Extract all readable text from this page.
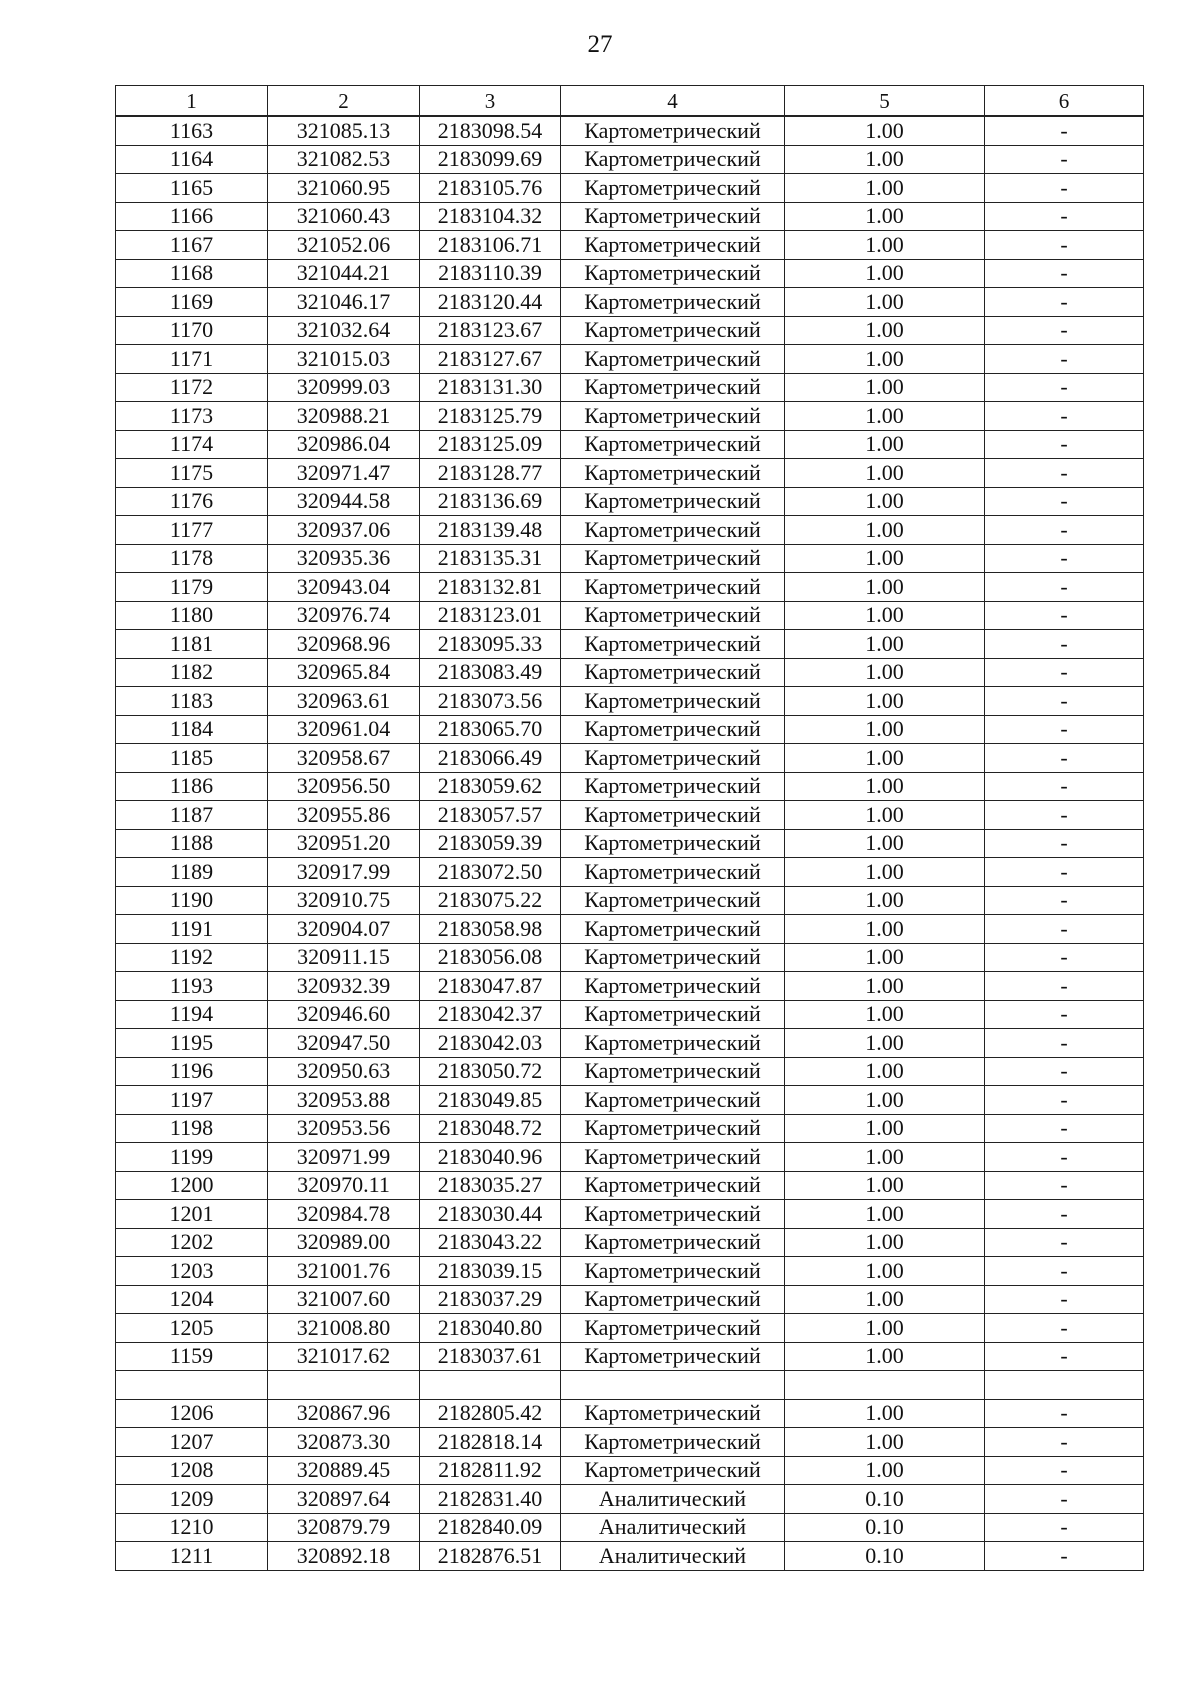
27
1	2	3	4	5	6
1163	321085.13	2183098.54	Картометрический	1.00	-
1164	321082.53	2183099.69	Картометрический	1.00	-
1165	321060.95	2183105.76	Картометрический	1.00	-
1166	321060.43	2183104.32	Картометрический	1.00	-
1167	321052.06	2183106.71	Картометрический	1.00	-
1168	321044.21	2183110.39	Картометрический	1.00	-
1169	321046.17	2183120.44	Картометрический	1.00	-
1170	321032.64	2183123.67	Картометрический	1.00	-
1171	321015.03	2183127.67	Картометрический	1.00	-
1172	320999.03	2183131.30	Картометрический	1.00	-
1173	320988.21	2183125.79	Картометрический	1.00	-
1174	320986.04	2183125.09	Картометрический	1.00	-
1175	320971.47	2183128.77	Картометрический	1.00	-
1176	320944.58	2183136.69	Картометрический	1.00	-
1177	320937.06	2183139.48	Картометрический	1.00	-
1178	320935.36	2183135.31	Картометрический	1.00	-
1179	320943.04	2183132.81	Картометрический	1.00	-
1180	320976.74	2183123.01	Картометрический	1.00	-
1181	320968.96	2183095.33	Картометрический	1.00	-
1182	320965.84	2183083.49	Картометрический	1.00	-
1183	320963.61	2183073.56	Картометрический	1.00	-
1184	320961.04	2183065.70	Картометрический	1.00	-
1185	320958.67	2183066.49	Картометрический	1.00	-
1186	320956.50	2183059.62	Картометрический	1.00	-
1187	320955.86	2183057.57	Картометрический	1.00	-
1188	320951.20	2183059.39	Картометрический	1.00	-
1189	320917.99	2183072.50	Картометрический	1.00	-
1190	320910.75	2183075.22	Картометрический	1.00	-
1191	320904.07	2183058.98	Картометрический	1.00	-
1192	320911.15	2183056.08	Картометрический	1.00	-
1193	320932.39	2183047.87	Картометрический	1.00	-
1194	320946.60	2183042.37	Картометрический	1.00	-
1195	320947.50	2183042.03	Картометрический	1.00	-
1196	320950.63	2183050.72	Картометрический	1.00	-
1197	320953.88	2183049.85	Картометрический	1.00	-
1198	320953.56	2183048.72	Картометрический	1.00	-
1199	320971.99	2183040.96	Картометрический	1.00	-
1200	320970.11	2183035.27	Картометрический	1.00	-
1201	320984.78	2183030.44	Картометрический	1.00	-
1202	320989.00	2183043.22	Картометрический	1.00	-
1203	321001.76	2183039.15	Картометрический	1.00	-
1204	321007.60	2183037.29	Картометрический	1.00	-
1205	321008.80	2183040.80	Картометрический	1.00	-
1159	321017.62	2183037.61	Картометрический	1.00	-

1206	320867.96	2182805.42	Картометрический	1.00	-
1207	320873.30	2182818.14	Картометрический	1.00	-
1208	320889.45	2182811.92	Картометрический	1.00	-
1209	320897.64	2182831.40	Аналитический	0.10	-
1210	320879.79	2182840.09	Аналитический	0.10	-
1211	320892.18	2182876.51	Аналитический	0.10	-
